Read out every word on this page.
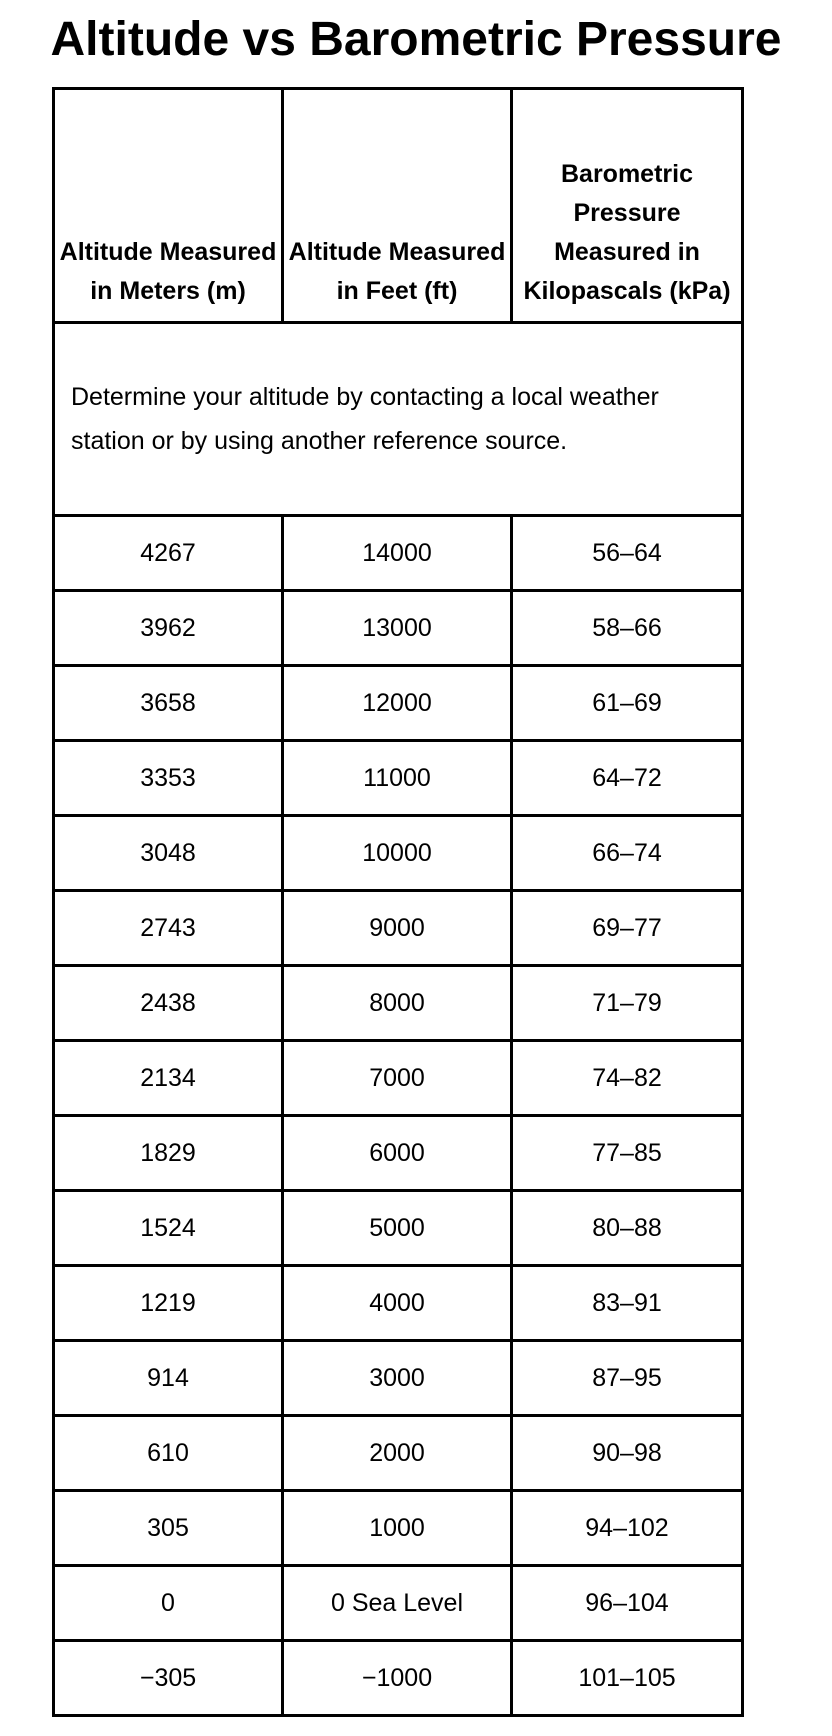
Altitude vs Barometric Pressure
Altitude Measured in Meters (m)	Altitude Measured in Feet (ft)	Barometric Pressure Measured in Kilopascals (kPa)
Determine your altitude by contacting a local weather station or by using another reference source.		
4267	14000	56–64
3962	13000	58–66
3658	12000	61–69
3353	11000	64–72
3048	10000	66–74
2743	9000	69–77
2438	8000	71–79
2134	7000	74–82
1829	6000	77–85
1524	5000	80–88
1219	4000	83–91
914	3000	87–95
610	2000	90–98
305	1000	94–102
0	0 Sea Level	96–104
−305	−1000	101–105
